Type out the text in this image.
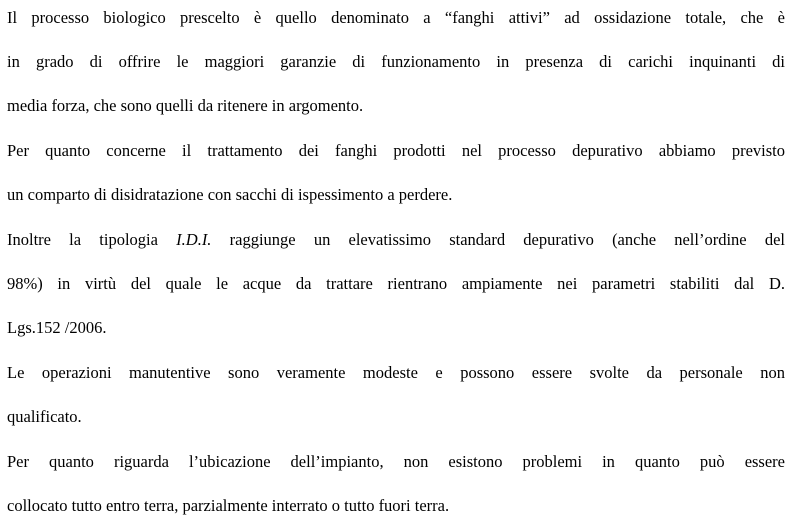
Il processo biologico prescelto è quello denominato a “fanghi attivi” ad ossidazione totale, che è
in grado di offrire le maggiori garanzie di funzionamento in presenza di carichi inquinanti di
media forza, che sono quelli da ritenere in argomento.
Per quanto concerne il trattamento dei fanghi prodotti nel processo depurativo abbiamo previsto
un comparto di disidratazione con sacchi di ispessimento a perdere.
Inoltre la tipologia I.D.I. raggiunge un elevatissimo standard depurativo (anche nell’ordine del
98%) in virtù del quale le acque da trattare rientrano ampiamente nei parametri stabiliti dal D.
Lgs.152 /2006.
Le operazioni manutentive sono veramente modeste e possono essere svolte da personale non
qualificato.
Per quanto riguarda l’ubicazione dell’impianto, non esistono problemi in quanto può essere
collocato tutto entro terra, parzialmente interrato o tutto fuori terra.
